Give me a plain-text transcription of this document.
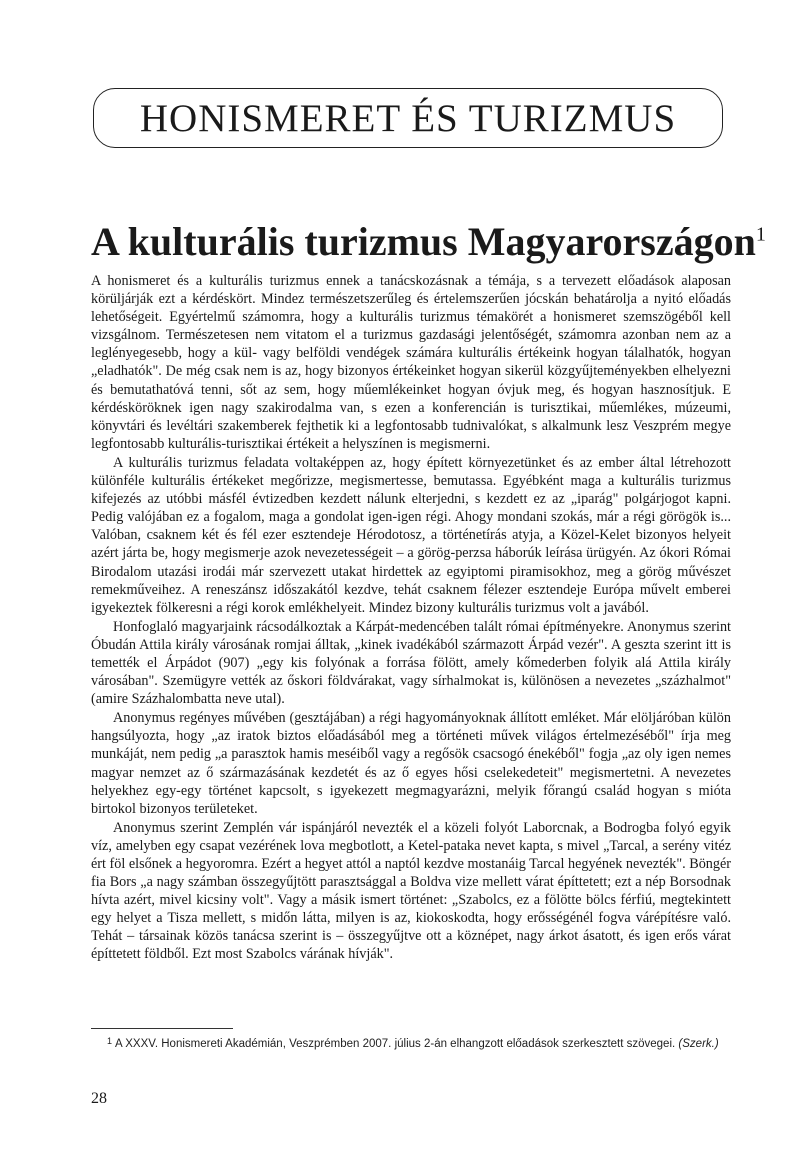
HONISMERET ÉS TURIZMUS
A kulturális turizmus Magyarországon$^1$

A honismeret és a kulturális turizmus ennek a tanácskozásnak a témája, s a tervezett előadások alaposan körüljárják ezt a kérdéskört. Mindez természetszerűleg és értelemszerűen jócskán behatárolja a nyitó előadás lehetőségeit. Egyértelmű számomra, hogy a kulturális turizmus témakörét a honismeret szemszögéből kell vizsgálnom. Természetesen nem vitatom el a turizmus gazdasági jelentőségét, számomra azonban nem az a leglényegesebb, hogy a kül- vagy belföldi vendégek számára kulturális értékeink hogyan tálalhatók, hogyan „eladhatók". De még csak nem is az, hogy bizonyos értékeinket hogyan sikerül közgyűjteményekben elhelyezni és bemutathatóvá tenni, sőt az sem, hogy műemlékeinket hogyan óvjuk meg, és hogyan hasznosítjuk. E kérdésköröknek igen nagy szakirodalma van, s ezen a konferencián is turisztikai, műemlékes, múzeumi, könyvtári és levéltári szakemberek fejthetik ki a legfontosabb tudnivalókat, s alkalmunk lesz Veszprém megye legfontosabb kulturális-turisztikai értékeit a helyszínen is megismerni.

A kulturális turizmus feladata voltaképpen az, hogy épített környezetünket és az ember által létrehozott különféle kulturális értékeket megőrizze, megismertesse, bemutassa. Egyébként maga a kulturális turizmus kifejezés az utóbbi másfél évtizedben kezdett nálunk elterjedni, s kezdett ez az „iparág" polgárjogot kapni. Pedig valójában ez a fogalom, maga a gondolat igen-igen régi. Ahogy mondani szokás, már a régi görögök is... Valóban, csaknem két és fél ezer esztendeje Hérodotosz, a történetírás atyja, a Közel-Kelet bizonyos helyeit azért járta be, hogy megismerje azok nevezetességeit – a görög-perzsa háborúk leírása ürügyén. Az ókori Római Birodalom utazási irodái már szervezett utakat hirdettek az egyiptomi piramisokhoz, meg a görög művészet remekműveihez. A reneszánsz időszakától kezdve, tehát csaknem félezer esztendeje Európa művelt emberei igyekeztek fölkeresni a régi korok emlékhelyeit. Mindez bizony kulturális turizmus volt a javából.

Honfoglaló magyarjaink rácsodálkoztak a Kárpát-medencében talált római építményekre. Anonymus szerint Óbudán Attila király városának romjai álltak, „kinek ivadékából származott Árpád vezér". A geszta szerint itt is temették el Árpádot (907) „egy kis folyónak a forrása fölött, amely kőmederben folyik alá Attila király városában". Szemügyre vették az őskori földvárakat, vagy sírhalmokat is, különösen a nevezetes „százhalmot" (amire Százhalombatta neve utal).

Anonymus regényes művében (gesztájában) a régi hagyományoknak állított emléket. Már elöljáróban külön hangsúlyozta, hogy „az iratok biztos előadásából meg a történeti művek világos értelmezéséből" írja meg munkáját, nem pedig „a parasztok hamis meséiből vagy a regősök csacsogó énekéből" fogja „az oly igen nemes magyar nemzet az ő származásának kezdetét és az ő egyes hősi cselekedeteit" megismertetni. A nevezetes helyekhez egy-egy történet kapcsolt, s igyekezett megmagyarázni, melyik főrangú család hogyan s mióta birtokol bizonyos területeket.

Anonymus szerint Zemplén vár ispánjáról nevezték el a közeli folyót Laborcnak, a Bodrogba folyó egyik víz, amelyben egy csapat vezérének lova megbotlott, a Ketel-pataka nevet kapta, s mivel „Tarcal, a serény vitéz ért föl elsőnek a hegyoromra. Ezért a hegyet attól a naptól kezdve mostanáig Tarcal hegyének nevezték". Böngér fia Bors „a nagy számban összegyűjtött parasztsággal a Boldva vize mellett várat építtetett; ezt a nép Borsodnak hívta azért, mivel kicsiny volt". Vagy a másik ismert történet: „Szabolcs, ez a fölötte bölcs férfiú, megtekintett egy helyet a Tisza mellett, s midőn látta, milyen is az, kiokoskodta, hogy erősségénél fogva várépítésre való. Tehát – társainak közös tanácsa szerint is – összegyűjtve ott a köznépet, nagy árkot ásatott, és igen erős várat építtetett földből. Ezt most Szabolcs várának hívják".

1 A XXXV. Honismereti Akadémián, Veszprémben 2007. július 2-án elhangzott előadások szerkesztett szövegei. (Szerk.)
28
